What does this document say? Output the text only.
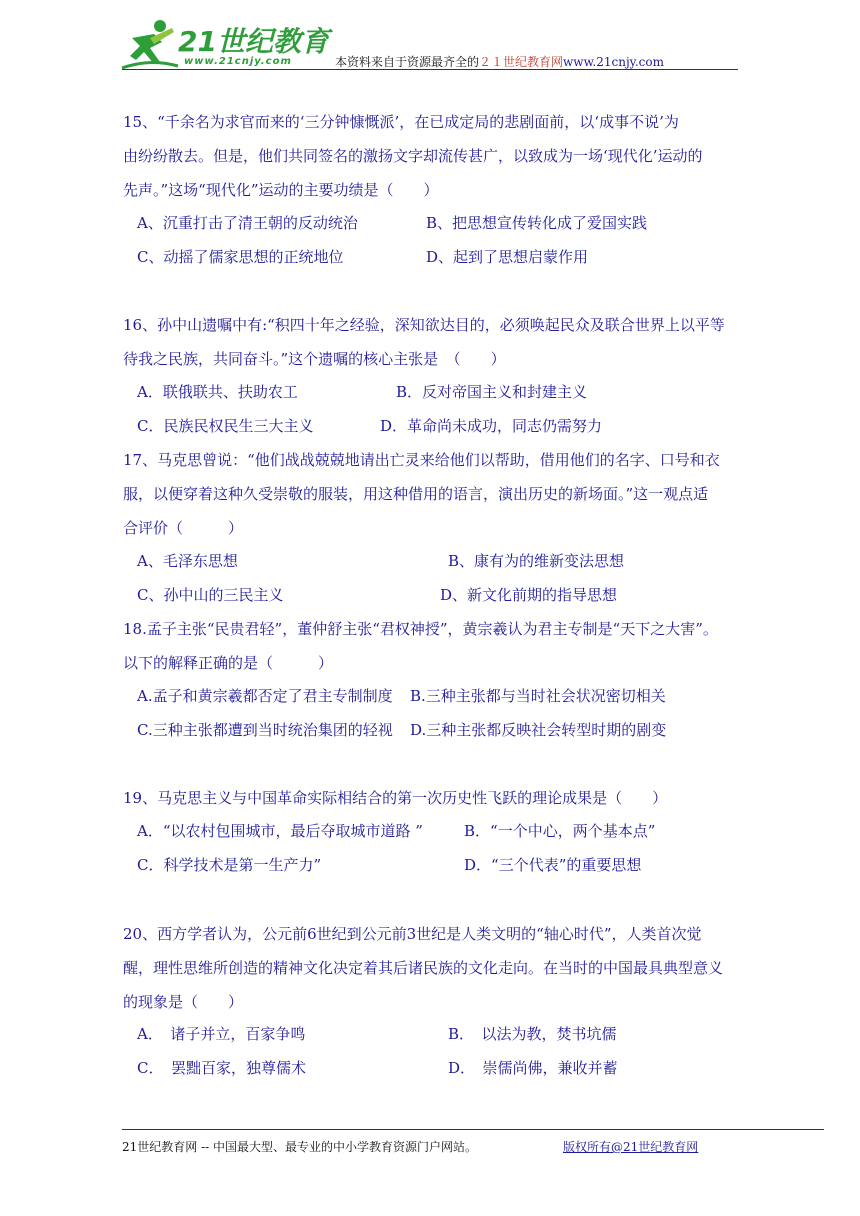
21世纪教育
www.21cnjy.com	本资料来自于资源最齐全的２１世纪教育网www.21cnjy.com
15、“千余名为求官而来的‘三分钟慷慨派’，在已成定局的悲剧面前，以‘成事不说’为
由纷纷散去。但是，他们共同签名的激扬文字却流传甚广，以致成为一场‘现代化’运动的
先声。”这场“现代化”运动的主要功绩是（　　）
A、沉重打击了清王朝的反动统治	B、把思想宣传转化成了爱国实践
C、动摇了儒家思想的正统地位	D、起到了思想启蒙作用
16、孙中山遗嘱中有:“积四十年之经验，深知欲达目的，必须唤起民众及联合世界上以平等
待我之民族，共同奋斗。”这个遗嘱的核心主张是　（　　）
A．联俄联共、扶助农工	B．反对帝国主义和封建主义
C．民族民权民生三大主义	D．革命尚未成功，同志仍需努力
17、马克思曾说：“他们战战兢兢地请出亡灵来给他们以帮助，借用他们的名字、口号和衣
服，以便穿着这种久受崇敬的服装，用这种借用的语言，演出历史的新场面。”这一观点适
合评价（　　　）
A、毛泽东思想	B、康有为的维新变法思想
C、孙中山的三民主义	D、新文化前期的指导思想
18.孟子主张“民贵君轻”，董仲舒主张“君权神授”，黄宗羲认为君主专制是“天下之大害”。
以下的解释正确的是（　　　）
A.孟子和黄宗羲都否定了君主专制制度 B.三种主张都与当时社会状况密切相关
C.三种主张都遭到当时统治集团的轻视 D.三种主张都反映社会转型时期的剧变
19、马克思主义与中国革命实际相结合的第一次历史性飞跃的理论成果是（　　）
A．“以农村包围城市，最后夺取城市道路 ”	B．“一个中心，两个基本点”
C．科学技术是第一生产力”	D．“三个代表”的重要思想
20、西方学者认为，公元前6世纪到公元前3世纪是人类文明的“轴心时代”，人类首次觉
醒，理性思维所创造的精神文化决定着其后诸民族的文化走向。在当时的中国最具典型意义
的现象是（　　）
A．　诸子并立，百家争鸣	B．　以法为教，焚书坑儒
C．　罢黜百家，独尊儒术	D．　崇儒尚佛，兼收并蓄
21世纪教育网 -- 中国最大型、最专业的中小学教育资源门户网站。	版权所有@21世纪教育网
